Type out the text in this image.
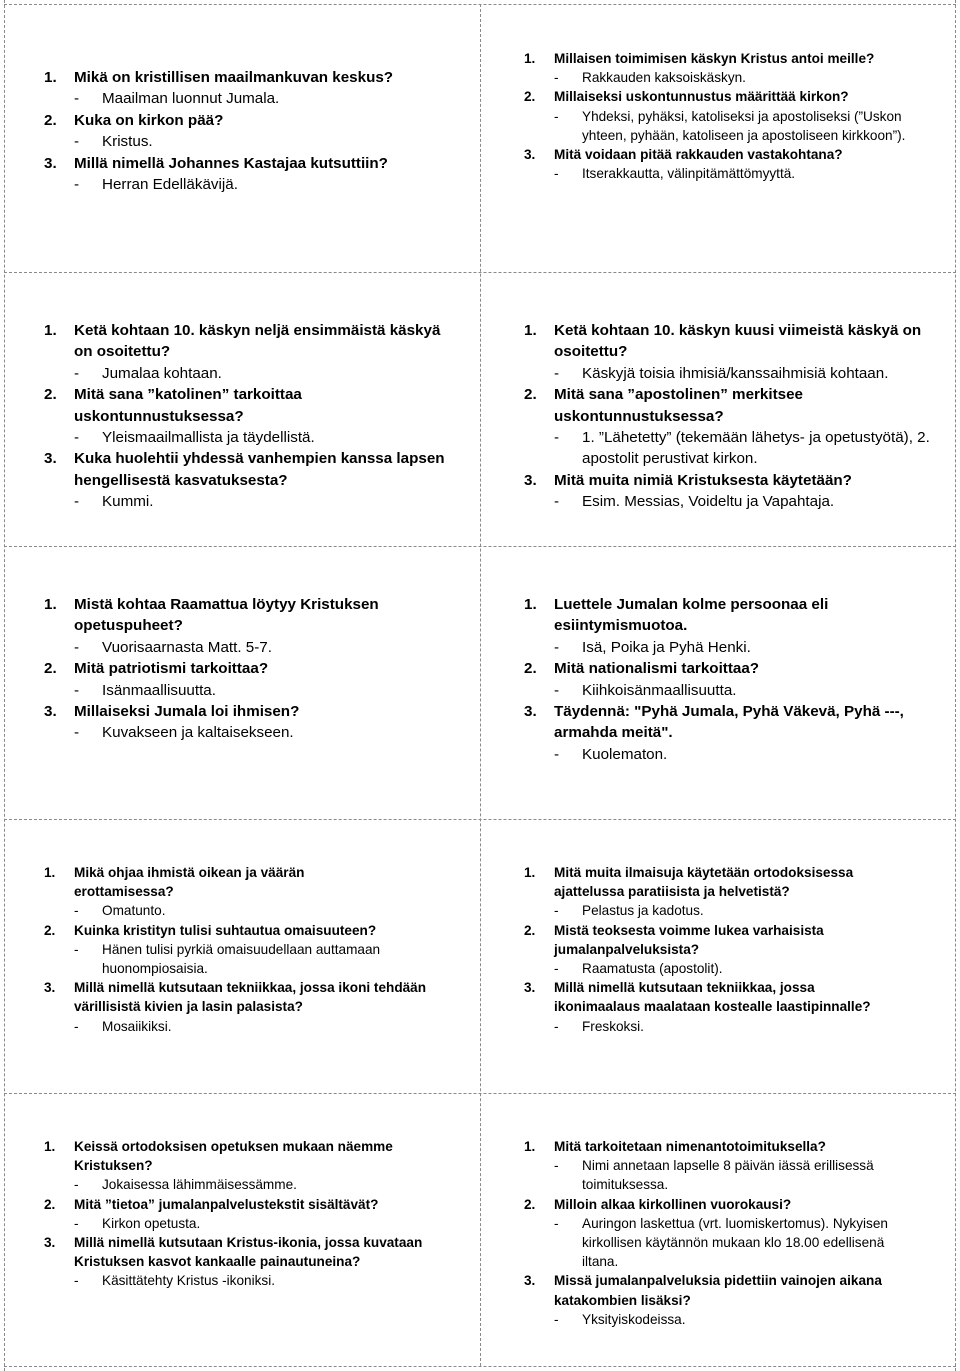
1.	Mikä on kristillisen maailmankuvan keskus?
-	Maailman luonnut Jumala.
2.	Kuka on kirkon pää?
-	Kristus.
3.	Millä nimellä Johannes Kastajaa kutsuttiin?
-	Herran Edelläkävijä.
1.	Millaisen toimimisen käskyn Kristus antoi meille?
-	Rakkauden kaksoiskäskyn.
2.	Millaiseksi uskontunnustus määrittää kirkon?
-	Yhdeksi, pyhäksi, katoliseksi ja apostoliseksi (”Uskon yhteen, pyhään, katoliseen ja apostoliseen kirkkoon”).
3.	Mitä voidaan pitää rakkauden vastakohtana?
-	Itserakkautta, välinpitämättömyyttä.
1.	Ketä kohtaan 10. käskyn neljä ensimmäistä käskyä on osoitettu?
-	Jumalaa kohtaan.
2.	Mitä sana ”katolinen” tarkoittaa uskontunnustuksessa?
-	Yleismaailmallista ja täydellistä.
3.	Kuka huolehtii yhdessä vanhempien kanssa lapsen hengellisestä kasvatuksesta?
-	Kummi.
1.	Ketä kohtaan 10. käskyn kuusi viimeistä käskyä on osoitettu?
-	Käskyjä toisia ihmisiä/kanssaihmisiä kohtaan.
2.	Mitä sana ”apostolinen” merkitsee uskontunnustuksessa?
-	1. ”Lähetetty” (tekemään lähetys- ja opetustyötä), 2. apostolit perustivat kirkon.
3.	Mitä muita nimiä Kristuksesta käytetään?
-	Esim. Messias, Voideltu ja Vapahtaja.
1.	Mistä kohtaa Raamattua löytyy Kristuksen opetuspuheet?
-	Vuorisaarnasta Matt. 5-7.
2.	Mitä patriotismi tarkoittaa?
-	Isänmaallisuutta.
3.	Millaiseksi Jumala loi ihmisen?
-	Kuvakseen ja kaltaisekseen.
1.	Luettele Jumalan kolme persoonaa eli esiintymismuotoa.
-	Isä, Poika ja Pyhä Henki.
2.	Mitä nationalismi tarkoittaa?
-	Kiihkoisänmaallisuutta.
3.	Täydennä: "Pyhä Jumala, Pyhä Väkevä, Pyhä ---, armahda meitä".
-	Kuolematon.
1.	Mikä ohjaa ihmistä oikean ja väärän erottamisessa?
-	Omatunto.
2.	Kuinka kristityn tulisi suhtautua omaisuuteen?
-	Hänen tulisi pyrkiä omaisuudellaan auttamaan huonompiosaisia.
3.	Millä nimellä kutsutaan tekniikkaa, jossa ikoni tehdään värillisistä kivien ja lasin palasista?
-	Mosaiikiksi.
1.	Mitä muita ilmaisuja käytetään ortodoksisessa ajattelussa paratiisista ja helvetistä?
-	Pelastus ja kadotus.
2.	Mistä teoksesta voimme lukea varhaisista jumalanpalveluksista?
-	Raamatusta (apostolit).
3.	Millä nimellä kutsutaan tekniikkaa, jossa ikonimaalaus maalataan kostealle laastipinnalle?
-	Freskoksi.
1.	Keissä ortodoksisen opetuksen mukaan näemme Kristuksen?
-	Jokaisessa lähimmäisessämme.
2.	Mitä ”tietoa” jumalanpalvelustekstit sisältävät?
-	Kirkon opetusta.
3.	Millä nimellä kutsutaan Kristus-ikonia, jossa kuvataan Kristuksen kasvot kankaalle painautuneina?
-	Käsittätehty Kristus -ikoniksi.
1.	Mitä tarkoitetaan nimenantotoimituksella?
-	Nimi annetaan lapselle 8 päivän iässä erillisessä toimituksessa.
2.	Milloin alkaa kirkollinen vuorokausi?
-	Auringon laskettua (vrt. luomiskertomus). Nykyisen kirkollisen käytännön mukaan klo 18.00 edellisenä iltana.
3.	Missä jumalanpalveluksia pidettiin vainojen aikana katakombien lisäksi?
-	Yksityiskodeissa.
